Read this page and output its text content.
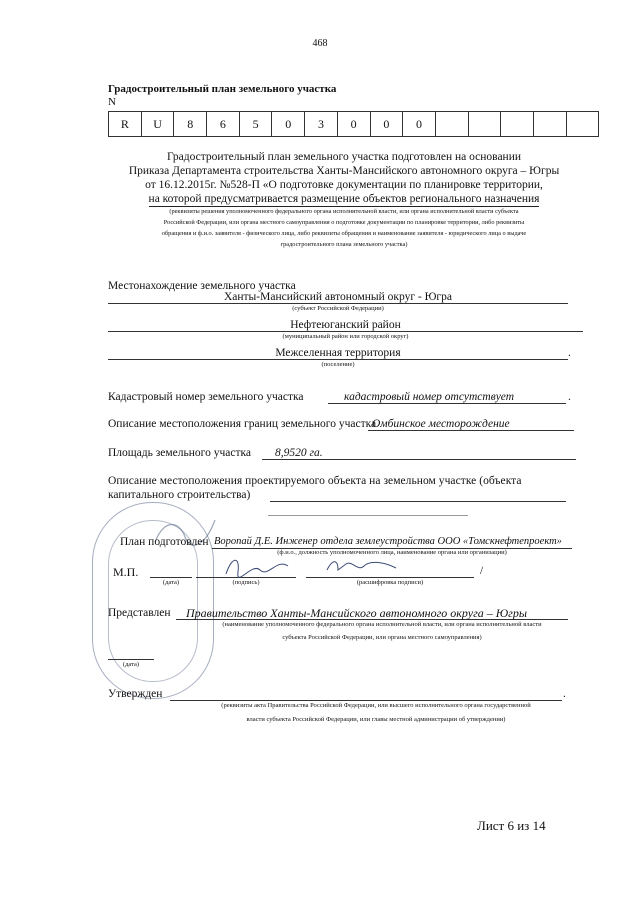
468
Градостроительный план земельного участка
N
R	U	8	6	5	0	3	0	0	0					
Градостроительный план земельного участка подготовлен на основании
Приказа Департамента строительства Ханты-Мансийского автономного округа – Югры
от 16.12.2015г. №528-П «О подготовке документации по планировке территории,
на которой предусматривается размещение объектов регионального назначения
(реквизиты решения уполномоченного федерального органа исполнительной власти, или органа исполнительной власти субъекта
Российской Федерации, или органа местного самоуправления о подготовке документации по планировке территории, либо реквизиты
обращения и ф.и.о. заявителя - физического лица, либо реквизиты обращения и наименование заявителя - юридического лица о выдаче
градостроительного плана земельного участка)
Местонахождение земельного участка
Ханты-Мансийский автономный округ - Югра
(субъект Российской Федерации)
Нефтеюганский район
(муниципальный район или городской округ)
Межселенная территория	.
(поселение)
Кадастровый номер земельного участка	кадастровый номер отсутствует	.
Описание местоположения границ земельного участка
Омбинское месторождение
Площадь земельного участка 8,9520 га.
Описание местоположения проектируемого объекта на земельном участке (объекта
капитального строительства)
План подготовлен Воропай Д.Е. Инженер отдела землеустройства ООО «Томскнефтепроект»
(ф.и.о., должность уполномоченного лица, наименование органа или организации)
М.П.
(дата)	(подпись)	(расшифровка подписи)
/
Представлен Правительство Ханты-Мансийского автономного округа – Югры
(наименование уполномоченного федерального органа исполнительной власти, или органа исполнительной власти
субъекта Российской Федерации, или органа местного самоуправления)
(дата)
Утвержден	.
(реквизиты акта Правительства Российской Федерации, или высшего исполнительного органа государственной
власти субъекта Российской Федерации, или главы местной администрации об утверждении)
Лист 6 из 14
